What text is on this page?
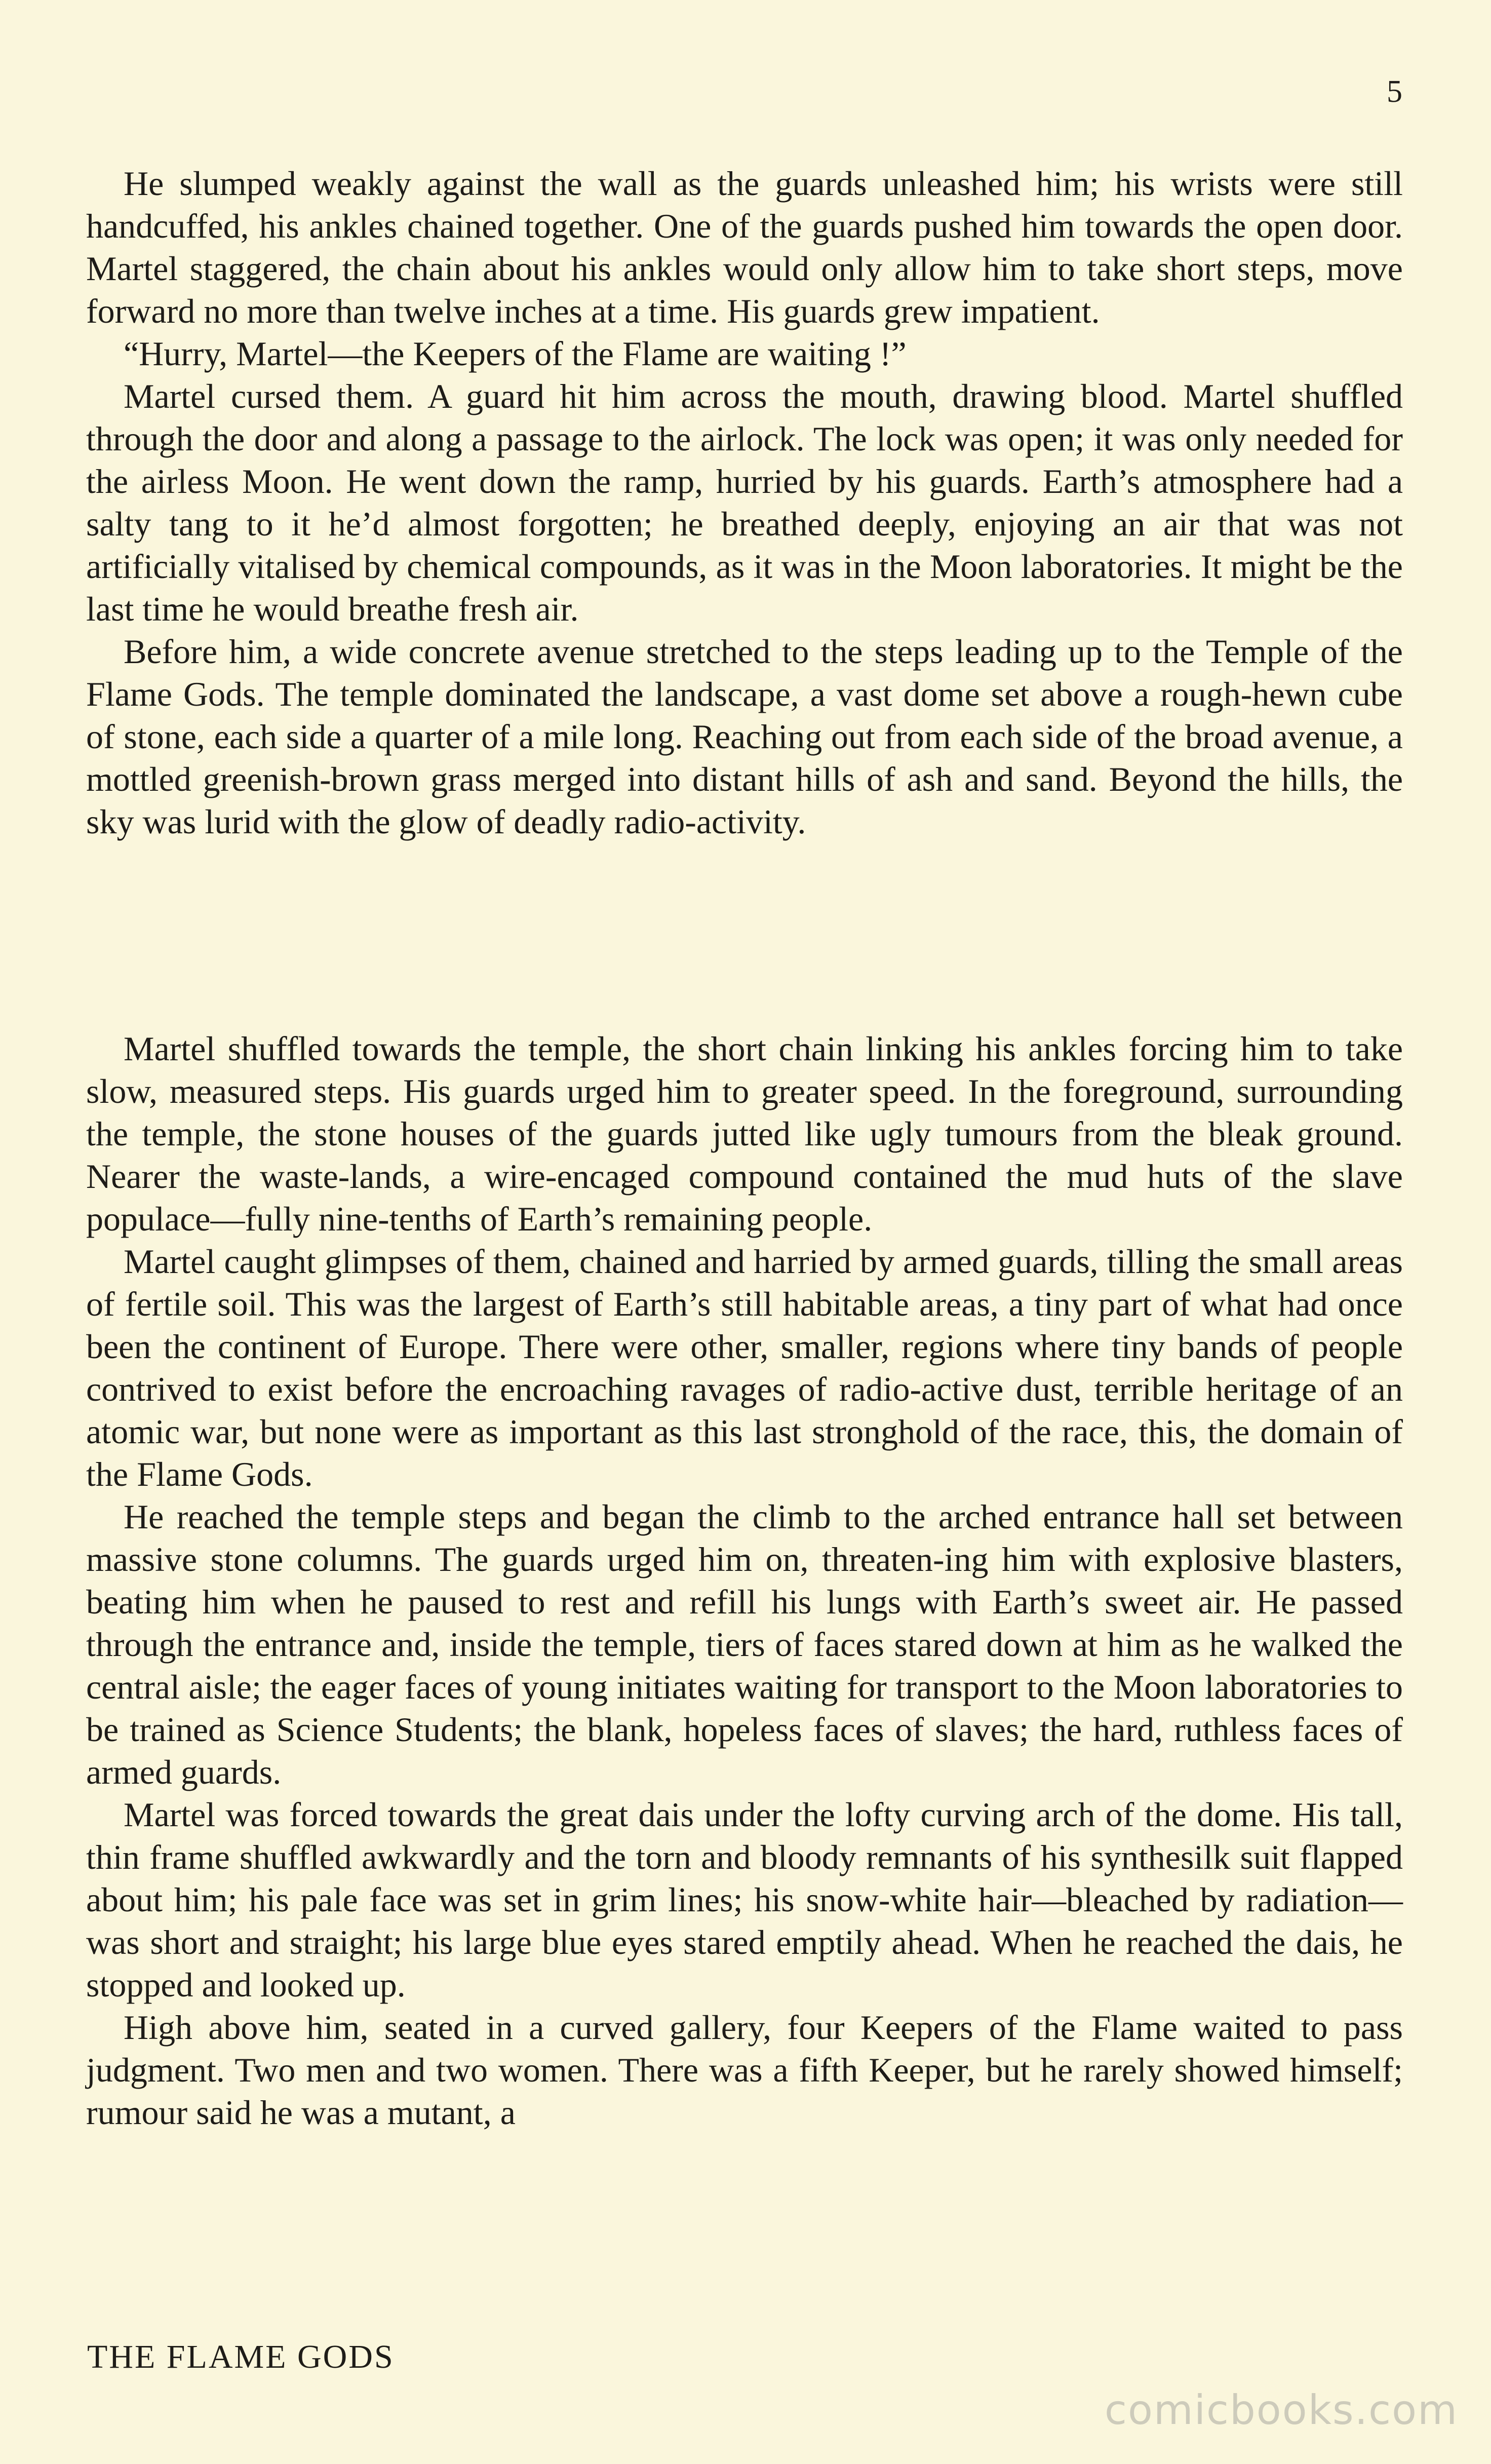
5

He slumped weakly against the wall as the guards unleashed him; his wrists were still handcuffed, his ankles chained together. One of the guards pushed him towards the open door. Martel staggered, the chain about his ankles would only allow him to take short steps, move forward no more than twelve inches at a time. His guards grew impatient.

“Hurry, Martel—the Keepers of the Flame are waiting !”

Martel cursed them. A guard hit him across the mouth, drawing blood. Martel shuffled through the door and along a passage to the airlock. The lock was open; it was only needed for the airless Moon. He went down the ramp, hurried by his guards. Earth’s atmosphere had a salty tang to it he’d almost forgotten; he breathed deeply, enjoying an air that was not artificially vitalised by chemical compounds, as it was in the Moon laboratories. It might be the last time he would breathe fresh air.

Before him, a wide concrete avenue stretched to the steps leading up to the Temple of the Flame Gods. The temple dominated the landscape, a vast dome set above a rough-hewn cube of stone, each side a quarter of a mile long. Reaching out from each side of the broad avenue, a mottled greenish-brown grass merged into distant hills of ash and sand. Beyond the hills, the sky was lurid with the glow of deadly radio-activity.

Martel shuffled towards the temple, the short chain linking his ankles forcing him to take slow, measured steps. His guards urged him to greater speed. In the foreground, surrounding the temple, the stone houses of the guards jutted like ugly tumours from the bleak ground. Nearer the waste-lands, a wire-encaged compound contained the mud huts of the slave populace—fully nine-tenths of Earth’s remaining people.

Martel caught glimpses of them, chained and harried by armed guards, tilling the small areas of fertile soil. This was the largest of Earth’s still habitable areas, a tiny part of what had once been the continent of Europe. There were other, smaller, regions where tiny bands of people contrived to exist before the encroaching ravages of radio-active dust, terrible heritage of an atomic war, but none were as important as this last stronghold of the race, this, the domain of the Flame Gods.

He reached the temple steps and began the climb to the arched entrance hall set between massive stone columns. The guards urged him on, threaten-ing him with explosive blasters, beating him when he paused to rest and refill his lungs with Earth’s sweet air. He passed through the entrance and, inside the temple, tiers of faces stared down at him as he walked the central aisle; the eager faces of young initiates waiting for transport to the Moon laboratories to be trained as Science Students; the blank, hopeless faces of slaves; the hard, ruthless faces of armed guards.

Martel was forced towards the great dais under the lofty curving arch of the dome. His tall, thin frame shuffled awkwardly and the torn and bloody remnants of his synthesilk suit flapped about him; his pale face was set in grim lines; his snow-white hair—bleached by radiation—was short and straight; his large blue eyes stared emptily ahead. When he reached the dais, he stopped and looked up.

High above him, seated in a curved gallery, four Keepers of the Flame waited to pass judgment. Two men and two women. There was a fifth Keeper, but he rarely showed himself; rumour said he was a mutant, a

THE FLAME GODS
comicbooks.com
